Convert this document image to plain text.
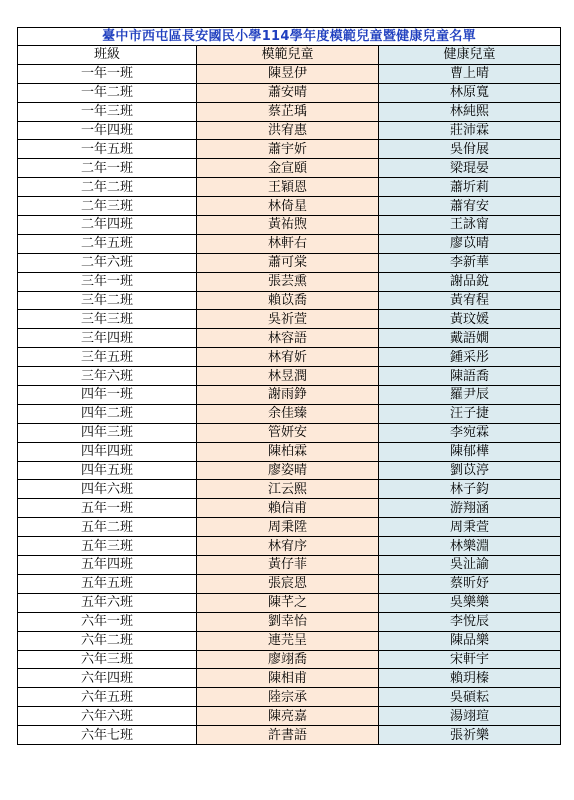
臺中市西屯區長安國民小學114學年度模範兒童暨健康兒童名單		
班級	模範兒童	健康兒童
一年一班	陳昱伊	曹上晴
一年二班	蕭安晴	林原寬
一年三班	蔡芷瑀	林純熙
一年四班	洪宥惠	莊沛霖
一年五班	蕭宇妡	吳佾展
二年一班	金宣頤	梁琨晏
二年二班	王穎恩	蕭圻莉
二年三班	林倚星	蕭宥安
二年四班	黃祐煦	王詠甯
二年五班	林軒右	廖苡晴
二年六班	蕭可棠	李新華
三年一班	張芸熏	謝品銳
三年二班	賴苡喬	黃宥程
三年三班	吳祈萱	黃玟媛
三年四班	林容語	戴語嫺
三年五班	林宥妡	鍾采彤
三年六班	林昱潤	陳語喬
四年一班	謝雨錚	羅尹辰
四年二班	余佳臻	汪子捷
四年三班	管妍安	李宛霖
四年四班	陳柏霖	陳郁樺
四年五班	廖姿晴	劉苡渟
四年六班	江云熙	林子鈞
五年一班	賴信甫	游翔涵
五年二班	周秉陞	周秉萱
五年三班	林宥序	林樂淵
五年四班	黃仔菲	吳沚諭
五年五班	張宸恩	蔡昕妤
五年六班	陳芊之	吳樂樂
六年一班	劉幸怡	李悅辰
六年二班	連芫呈	陳品樂
六年三班	廖翊喬	宋軒宇
六年四班	陳相甫	賴玥榛
六年五班	陸宗承	吳碩耘
六年六班	陳亮嘉	湯翊瑄
六年七班	許書語	張祈樂
